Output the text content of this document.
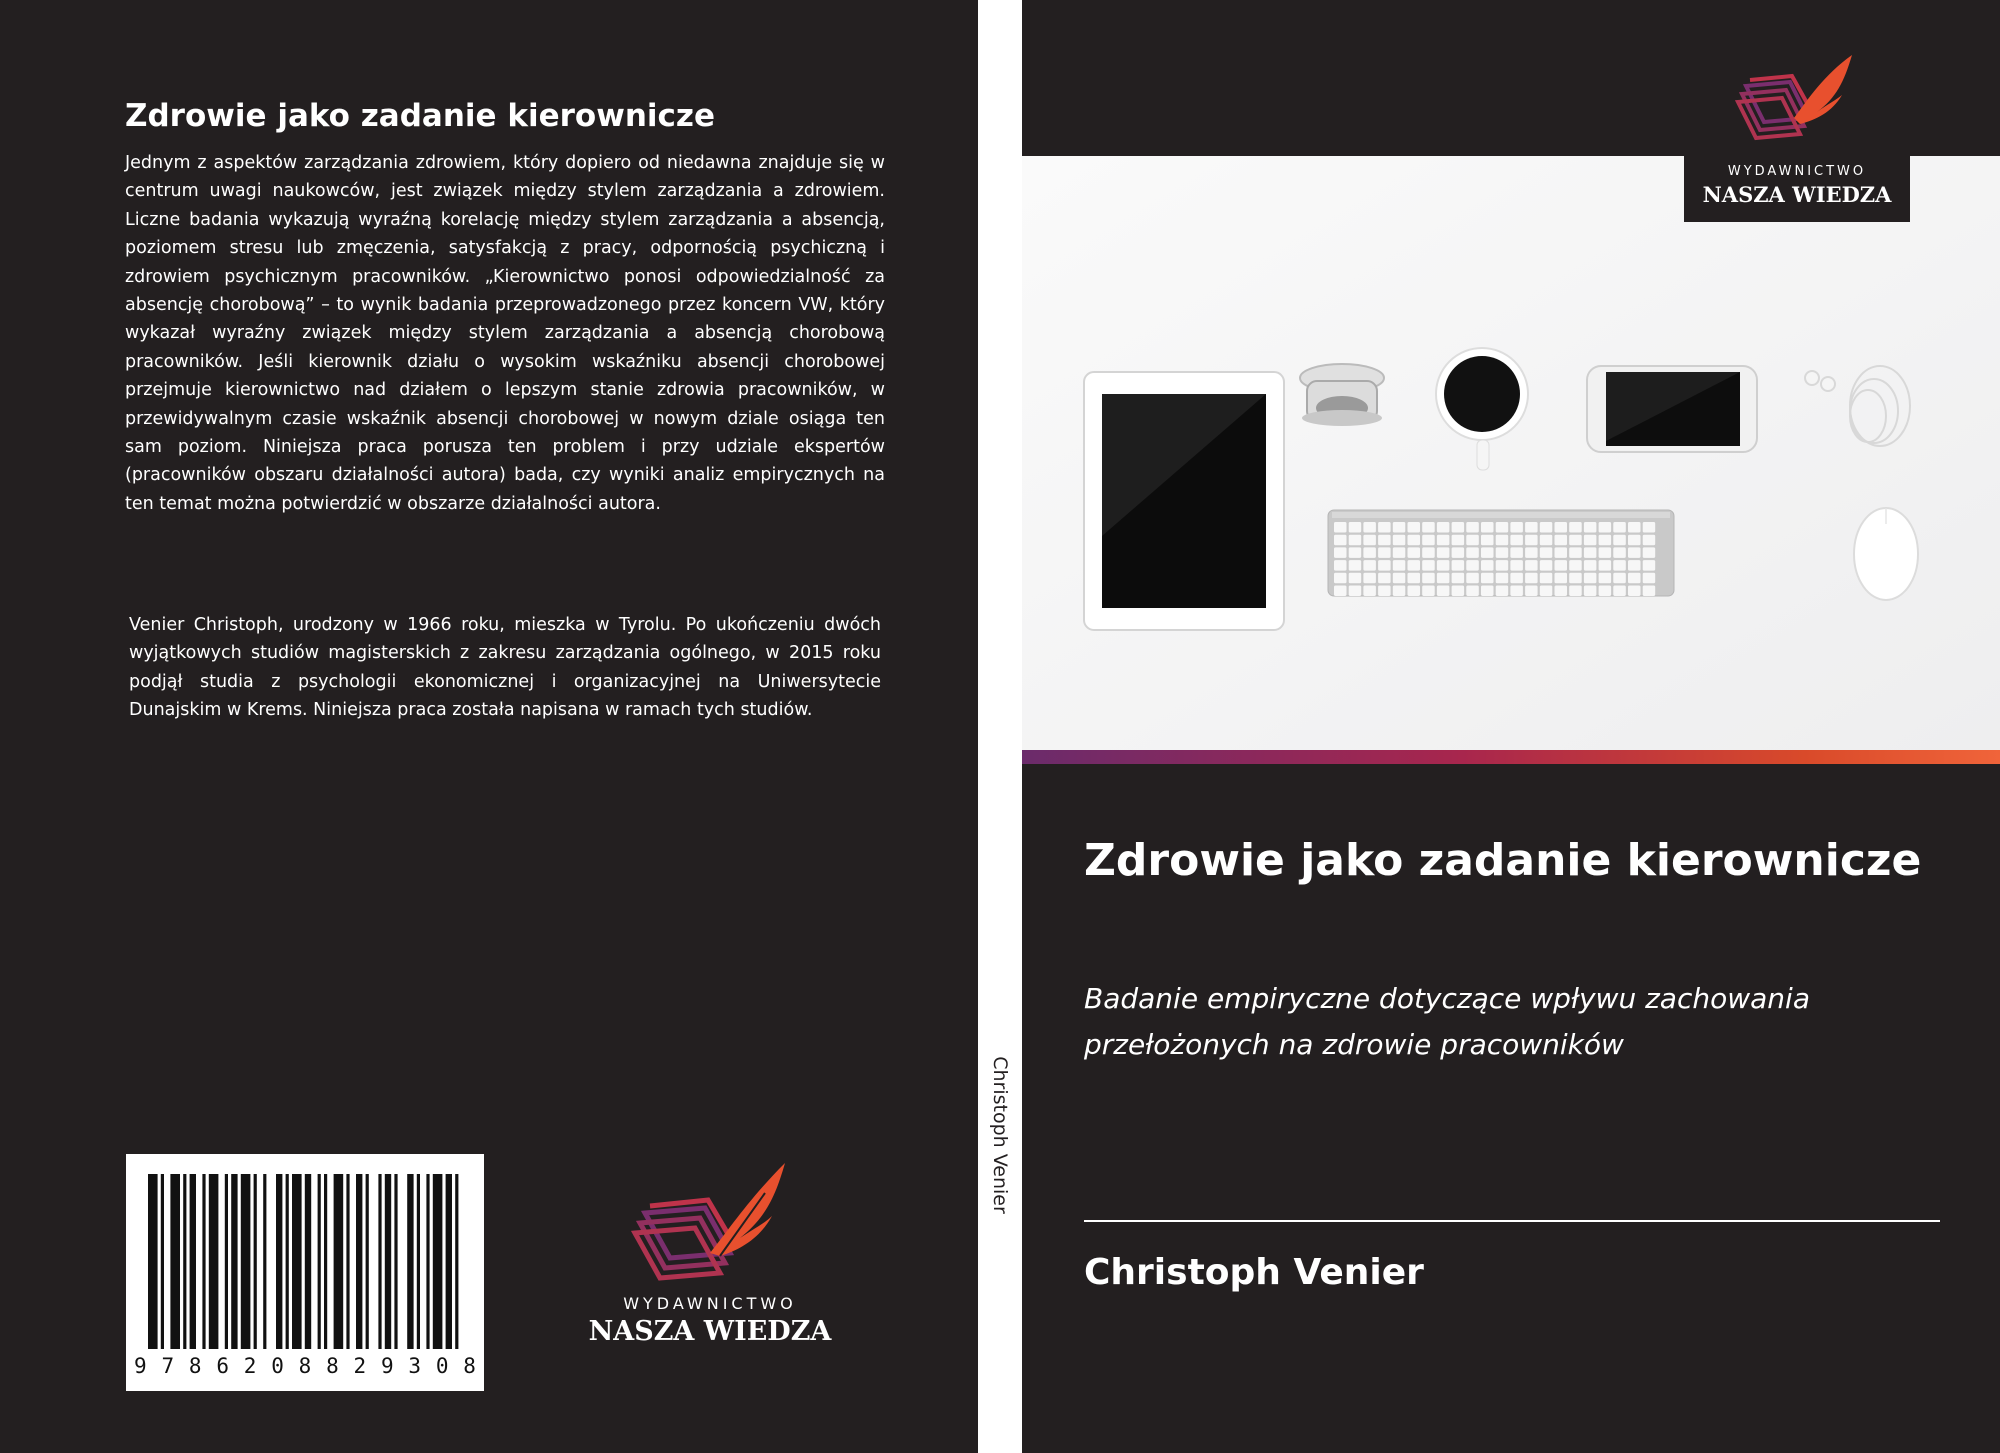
Zdrowie jako zadanie kierownicze

Jednym z aspektów zarządzania zdrowiem, który dopiero od niedawna znajduje się w centrum uwagi naukowców, jest związek między stylem zarządzania a zdrowiem. Liczne badania wykazują wyraźną korelację między stylem zarządzania a absencją, poziomem stresu lub zmęczenia, satysfakcją z pracy, odpornością psychiczną i zdrowiem psychicznym pracowników. „Kierownictwo ponosi odpowiedzialność za absencję chorobową” – to wynik badania przeprowadzonego przez koncern VW, który wykazał wyraźny związek między stylem zarządzania a absencją chorobową pracowników. Jeśli kierownik działu o wysokim wskaźniku absencji chorobowej przejmuje kierownictwo nad działem o lepszym stanie zdrowia pracowników, w przewidywalnym czasie wskaźnik absencji chorobowej w nowym dziale osiąga ten sam poziom. Niniejsza praca porusza ten problem i przy udziale ekspertów (pracowników obszaru działalności autora) bada, czy wyniki analiz empirycznych na ten temat można potwierdzić w obszarze działalności autora.

Venier Christoph, urodzony w 1966 roku, mieszka w Tyrolu. Po ukończeniu dwóch wyjątkowych studiów magisterskich z zakresu zarządzania ogólnego, w 2015 roku podjął studia z psychologii ekonomicznej i organizacyjnej na Uniwersytecie Dunajskim w Krems. Niniejsza praca została napisana w ramach tych studiów.

9 7 8 6 2 0 8 8 2 9 3 0 8
WYDAWNICTWO
NASZA WIEDZA
Christoph Venier
WYDAWNICTWO
NASZA WIEDZA
Zdrowie jako zadanie kierownicze

Badanie empiryczne dotyczące wpływu zachowania przełożonych na zdrowie pracowników

Christoph Venier
